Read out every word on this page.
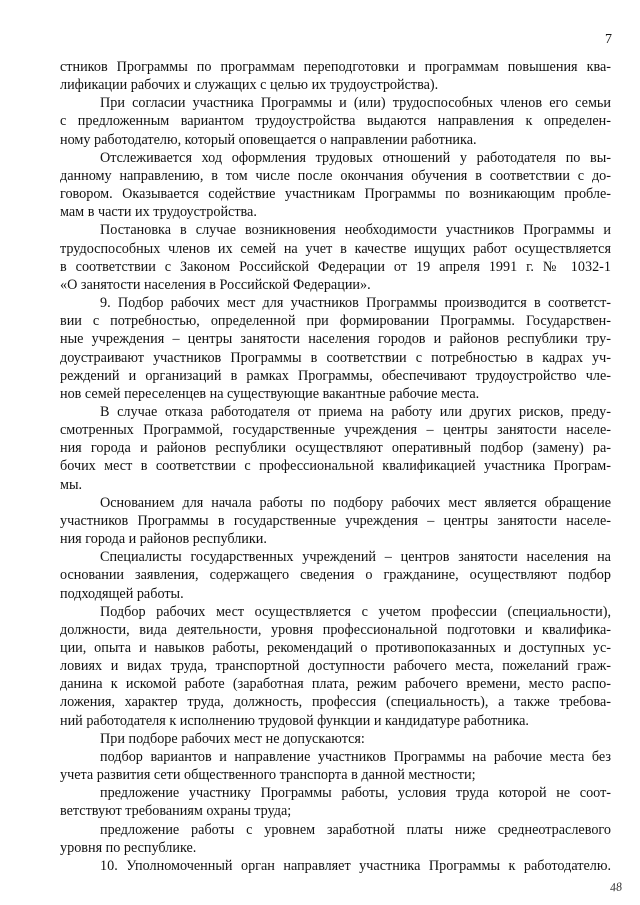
7
стников Программы по программам переподготовки и программам повышения ква-
лификации рабочих и служащих с целью их трудоустройства).
При согласии участника Программы и (или) трудоспособных членов его семьи
с предложенным вариантом трудоустройства выдаются направления к определен-
ному работодателю, который оповещается о направлении работника.
Отслеживается ход оформления трудовых отношений у работодателя по вы-
данному направлению, в том числе после окончания обучения в соответствии с до-
говором. Оказывается содействие участникам Программы по возникающим пробле-
мам в части их трудоустройства.
Постановка в случае возникновения необходимости участников Программы и
трудоспособных членов их семей на учет в качестве ищущих работ осуществляется
в соответствии с Законом Российской Федерации от 19 апреля 1991 г. № 1032-1
«О занятости населения в Российской Федерации».
9. Подбор рабочих мест для участников Программы производится в соответст-
вии с потребностью, определенной при формировании Программы. Государствен-
ные учреждения – центры занятости населения городов и районов республики тру-
доустраивают участников Программы в соответствии с потребностью в кадрах уч-
реждений и организаций в рамках Программы, обеспечивают трудоустройство чле-
нов семей переселенцев на существующие вакантные рабочие места.
В случае отказа работодателя от приема на работу или других рисков, преду-
смотренных Программой, государственные учреждения – центры занятости населе-
ния города и районов республики осуществляют оперативный подбор (замену) ра-
бочих мест в соответствии с профессиональной квалификацией участника Програм-
мы.
Основанием для начала работы по подбору рабочих мест является обращение
участников Программы в государственные учреждения – центры занятости населе-
ния города и районов республики.
Специалисты государственных учреждений – центров занятости населения на
основании заявления, содержащего сведения о гражданине, осуществляют подбор
подходящей работы.
Подбор рабочих мест осуществляется с учетом профессии (специальности),
должности, вида деятельности, уровня профессиональной подготовки и квалифика-
ции, опыта и навыков работы, рекомендаций о противопоказанных и доступных ус-
ловиях и видах труда, транспортной доступности рабочего места, пожеланий граж-
данина к искомой работе (заработная плата, режим рабочего времени, место распо-
ложения, характер труда, должность, профессия (специальность), а также требова-
ний работодателя к исполнению трудовой функции и кандидатуре работника.
При подборе рабочих мест не допускаются:
подбор вариантов и направление участников Программы на рабочие места без
учета развития сети общественного транспорта в данной местности;
предложение участнику Программы работы, условия труда которой не соот-
ветствуют требованиям охраны труда;
предложение работы с уровнем заработной платы ниже среднеотраслевого
уровня по республике.
10. Уполномоченный орган направляет участника Программы к работодателю.
48
